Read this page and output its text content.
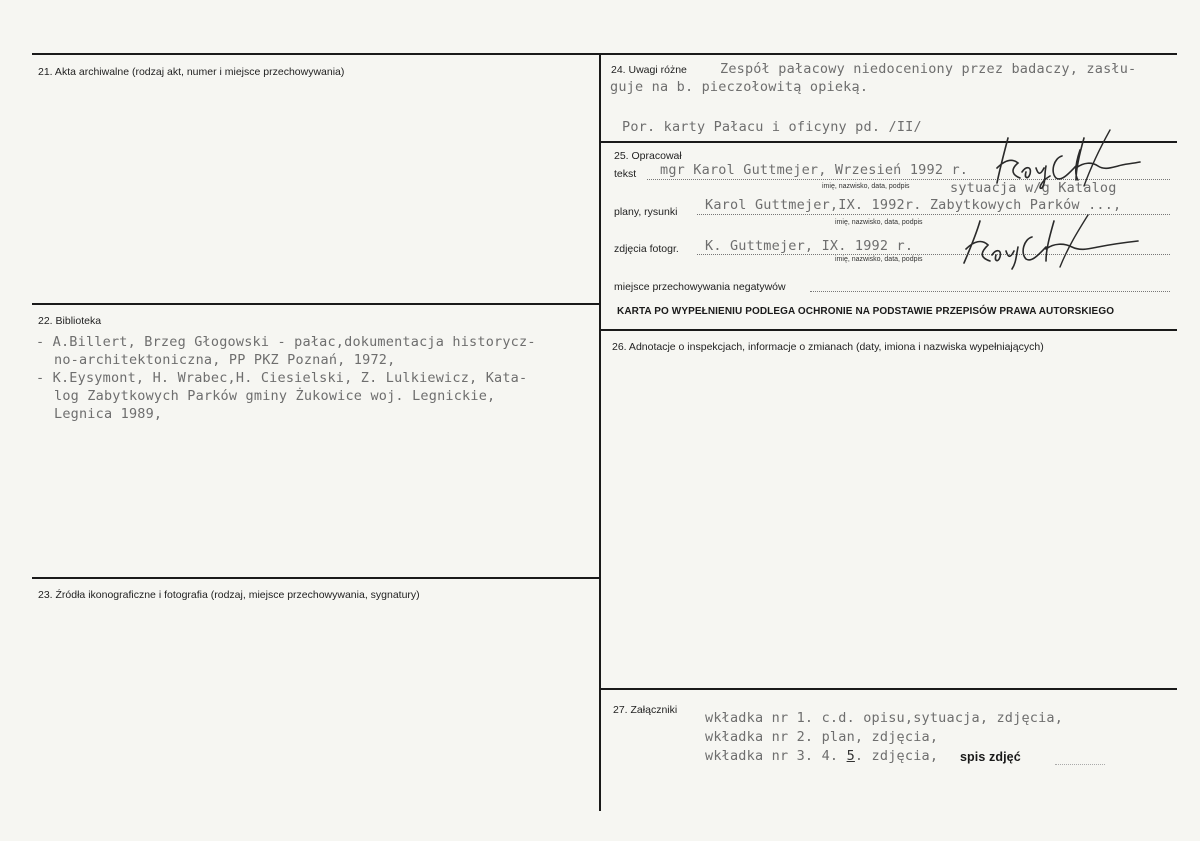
21. Akta archiwalne (rodzaj akt, numer i miejsce przechowywania)
22. Biblioteka
- A.Billert, Brzeg Głogowski - pałac,dokumentacja historycz-
no-architektoniczna, PP PKZ Poznań, 1972,
- K.Eysymont, H. Wrabec,H. Ciesielski, Z. Lulkiewicz, Kata-
log Zabytkowych Parków gminy Żukowice woj. Legnickie,
Legnica 1989,
23. Źródła ikonograficzne i fotografia (rodzaj, miejsce przechowywania, sygnatury)
24. Uwagi różne Zespół pałacowy niedoceniony przez badaczy, zasłu-
guje na b. pieczołowitą opieką.
Por. karty Pałacu i oficyny pd. /II/
25. Opracował
tekst mgr Karol Guttmejer, Wrzesień 1992 r.
imię, nazwisko, data, podpis	sytuacja w/g Katalog
plany, rysunki Karol Guttmejer,IX. 1992r. Zabytkowych Parków ...,
imię, nazwisko, data, podpis
zdjęcia fotogr. K. Guttmejer, IX. 1992 r.
imię, nazwisko, data, podpis
miejsce przechowywania negatywów
KARTA PO WYPEŁNIENIU PODLEGA OCHRONIE NA PODSTAWIE PRZEPISÓW PRAWA AUTORSKIEGO
26. Adnotacje o inspekcjach, informacje o zmianach (daty, imiona i nazwiska wypełniających)
27. Załączniki wkładka nr 1. c.d. opisu,sytuacja, zdjęcia,
wkładka nr 2. plan, zdjęcia,
wkładka nr 3. 4. 5. zdjęcia, spis zdjęć
